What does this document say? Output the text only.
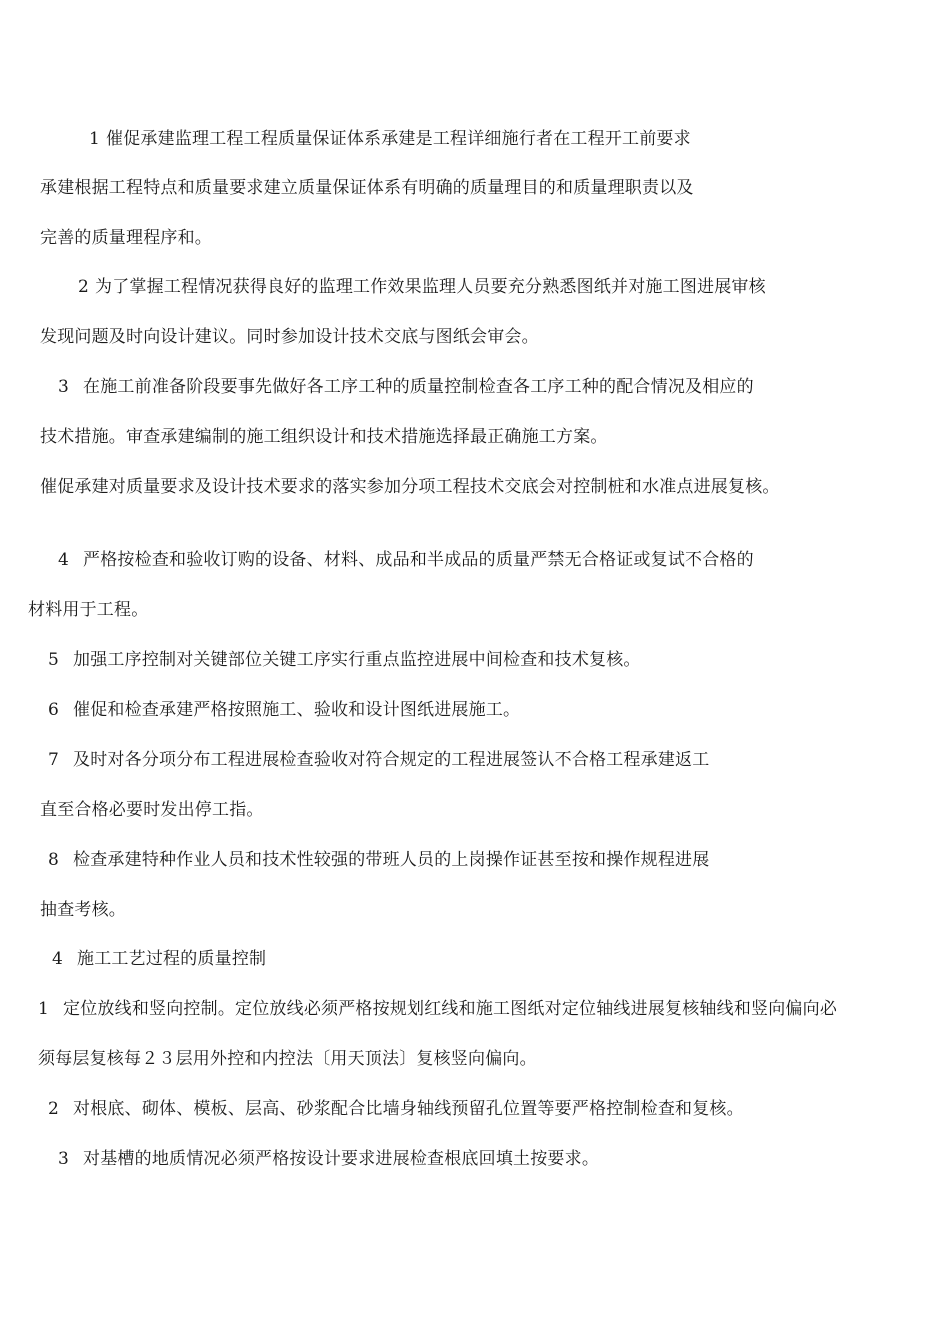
1 催促承建监理工程工程质量保证体系承建是工程详细施行者在工程开工前要求
承建根据工程特点和质量要求建立质量保证体系有明确的质量理目的和质量理职责以及
完善的质量理程序和。
2 为了掌握工程情况获得良好的监理工作效果监理人员要充分熟悉图纸并对施工图进展审核
发现问题及时向设计建议。同时参加设计技术交底与图纸会审会。
3 在施工前准备阶段要事先做好各工序工种的质量控制检查各工序工种的配合情况及相应的
技术措施。审查承建编制的施工组织设计和技术措施选择最正确施工方案。
催促承建对质量要求及设计技术要求的落实参加分项工程技术交底会对控制桩和水准点进展复核。
4 严格按检查和验收订购的设备、材料、成品和半成品的质量严禁无合格证或复试不合格的
材料用于工程。
5 加强工序控制对关键部位关键工序实行重点监控进展中间检查和技术复核。
6 催促和检查承建严格按照施工、验收和设计图纸进展施工。
7 及时对各分项分布工程进展检查验收对符合规定的工程进展签认不合格工程承建返工
直至合格必要时发出停工指。
8 检查承建特种作业人员和技术性较强的带班人员的上岗操作证甚至按和操作规程进展
抽查考核。
4 施工工艺过程的质量控制
1 定位放线和竖向控制。定位放线必须严格按规划红线和施工图纸对定位轴线进展复核轴线和竖向偏向必
须每层复核每２３层用外控和内控法〔用天顶法〕复核竖向偏向。
2 对根底、砌体、模板、层高、砂浆配合比墙身轴线预留孔位置等要严格控制检查和复核。
3 对基槽的地质情况必须严格按设计要求进展检查根底回填土按要求。
